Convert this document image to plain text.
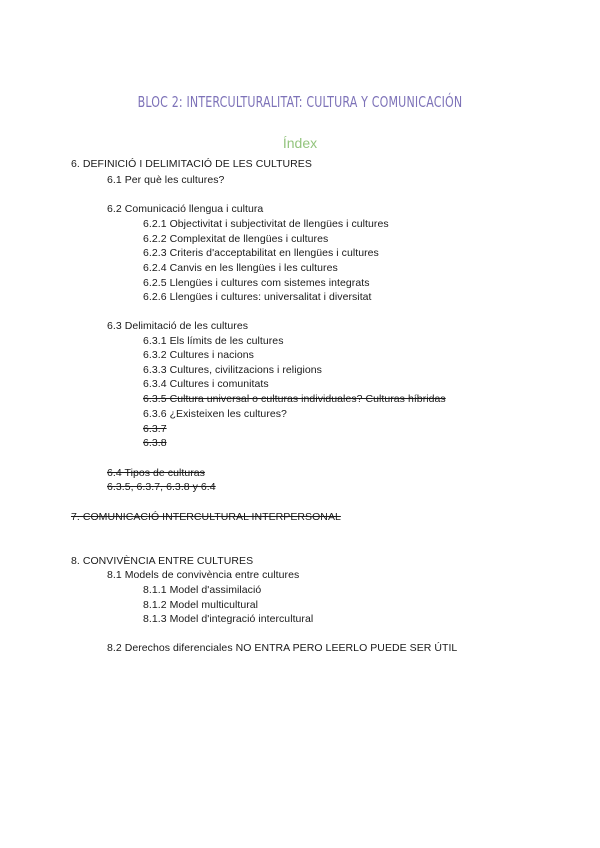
BLOC 2: INTERCULTURALITAT: CULTURA Y COMUNICACIÓN
Índex
6. DEFINICIÓ I DELIMITACIÓ DE LES CULTURES
6.1 Per què les cultures?
6.2 Comunicació llengua i cultura
6.2.1 Objectivitat i subjectivitat de llengües i cultures
6.2.2 Complexitat de llengües i cultures
6.2.3 Criteris d'acceptabilitat en llengües i cultures
6.2.4 Canvis en les llengües i les cultures
6.2.5 Llengües i cultures com sistemes integrats
6.2.6 Llengües i cultures: universalitat i diversitat
6.3 Delimitació de les cultures
6.3.1 Els límits de les cultures
6.3.2 Cultures i nacions
6.3.3 Cultures, civilitzacions i religions
6.3.4 Cultures i comunitats
6.3.5 Cultura universal o culturas individuales? Culturas híbridas
6.3.6 ¿Existeixen les cultures?
6.3.7
6.3.8
6.4 Tipos de culturas
6.3.5, 6.3.7, 6.3.8 y 6.4
7. COMUNICACIÓ INTERCULTURAL INTERPERSONAL
8. CONVIVÈNCIA ENTRE CULTURES
8.1 Models de convivència entre cultures
8.1.1 Model d'assimilació
8.1.2 Model multicultural
8.1.3 Model d'integració intercultural
8.2 Derechos diferenciales NO ENTRA PERO LEERLO PUEDE SER ÚTIL
